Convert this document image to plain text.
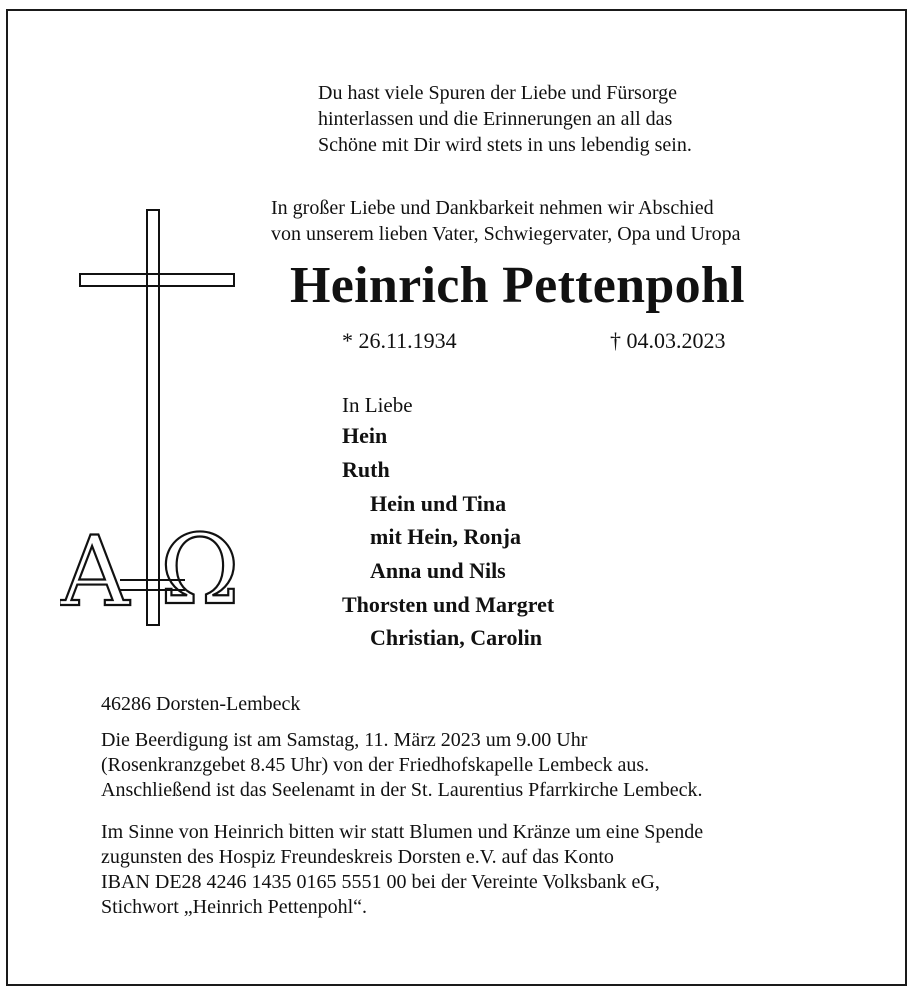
Du hast viele Spuren der Liebe und Fürsorge
hinterlassen und die Erinnerungen an all das
Schöne mit Dir wird stets in uns lebendig sein.
In großer Liebe und Dankbarkeit nehmen wir Abschied
von unserem lieben Vater, Schwiegervater, Opa und Uropa
Heinrich Pettenpohl
* 26.11.1934	† 04.03.2023
A Ω
In Liebe
Hein
Ruth
Hein und Tina
mit Hein, Ronja
Anna und Nils
Thorsten und Margret
Christian, Carolin
46286 Dorsten-Lembeck
Die Beerdigung ist am Samstag, 11. März 2023 um 9.00 Uhr
(Rosenkranzgebet 8.45 Uhr) von der Friedhofskapelle Lembeck aus.
Anschließend ist das Seelenamt in der St. Laurentius Pfarrkirche Lembeck.
Im Sinne von Heinrich bitten wir statt Blumen und Kränze um eine Spende
zugunsten des Hospiz Freundeskreis Dorsten e.V. auf das Konto
IBAN DE28 4246 1435 0165 5551 00 bei der Vereinte Volksbank eG,
Stichwort „Heinrich Pettenpohl“.
